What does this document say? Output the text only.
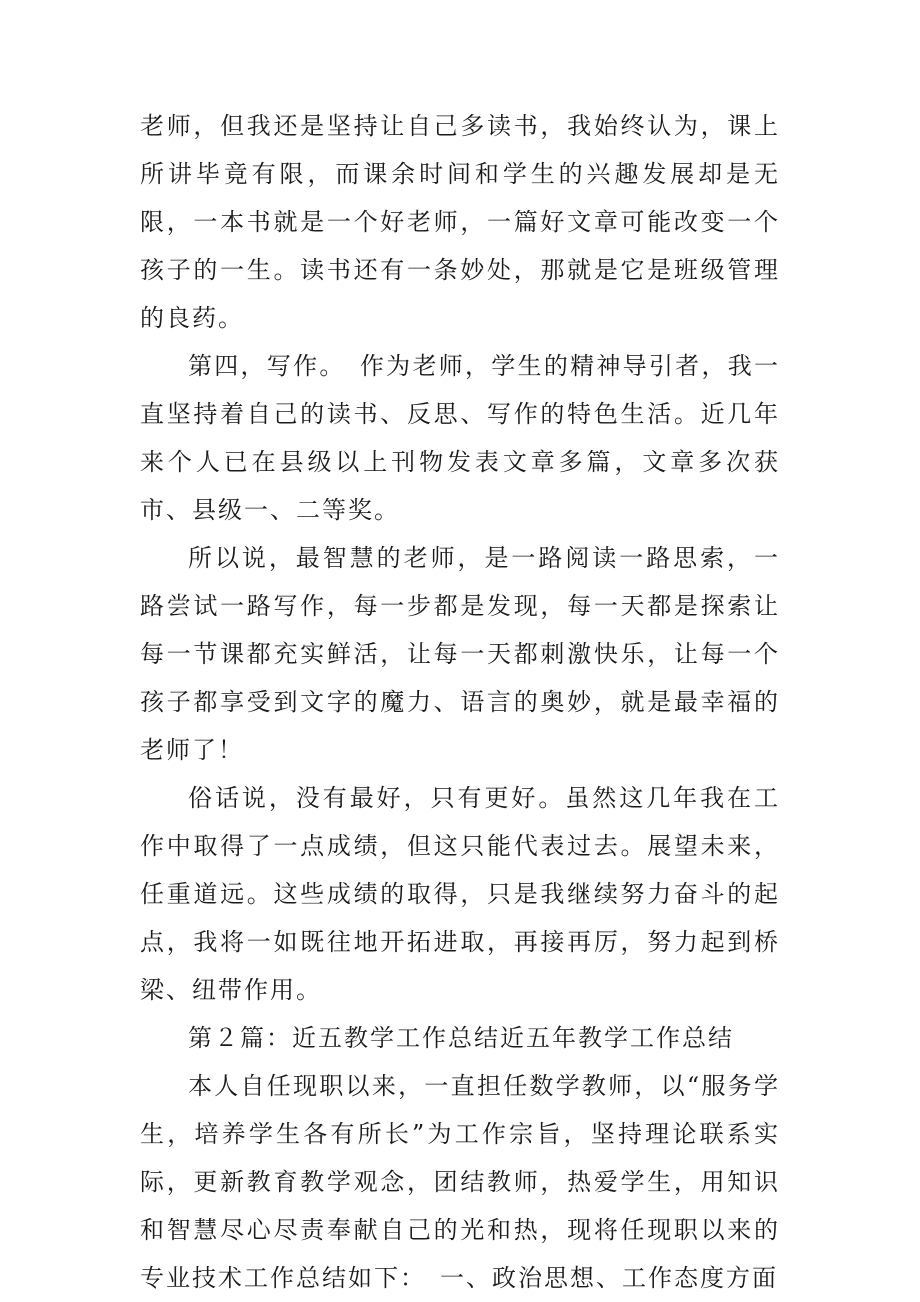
老师，但我还是坚持让自己多读书，我始终认为，课上所讲毕竟有限，而课余时间和学生的兴趣发展却是无限，一本书就是一个好老师，一篇好文章可能改变一个孩子的一生。读书还有一条妙处，那就是它是班级管理的良药。

第四，写作。　作为老师，学生的精神导引者，我一直坚持着自己的读书、反思、写作的特色生活。近几年来个人已在县级以上刊物发表文章多篇，文章多次获市、县级一、二等奖。

所以说，最智慧的老师，是一路阅读一路思索，一路尝试一路写作，每一步都是发现，每一天都是探索让每一节课都充实鲜活，让每一天都刺激快乐，让每一个孩子都享受到文字的魔力、语言的奥妙，就是最幸福的老师了！

俗话说，没有最好，只有更好。虽然这几年我在工作中取得了一点成绩，但这只能代表过去。展望未来，任重道远。这些成绩的取得，只是我继续努力奋斗的起点，我将一如既往地开拓进取，再接再厉，努力起到桥梁、纽带作用。

第２篇：近五教学工作总结近五年教学工作总结

本人自任现职以来，一直担任数学教师，以“服务学生，培养学生各有所长”为工作宗旨，坚持理论联系实际，更新教育教学观念，团结教师，热爱学生，用知识和智慧尽心尽责奉献自己的光和热，现将任现职以来的专业技术工作总结如下：　一、政治思想、工作态度方面
